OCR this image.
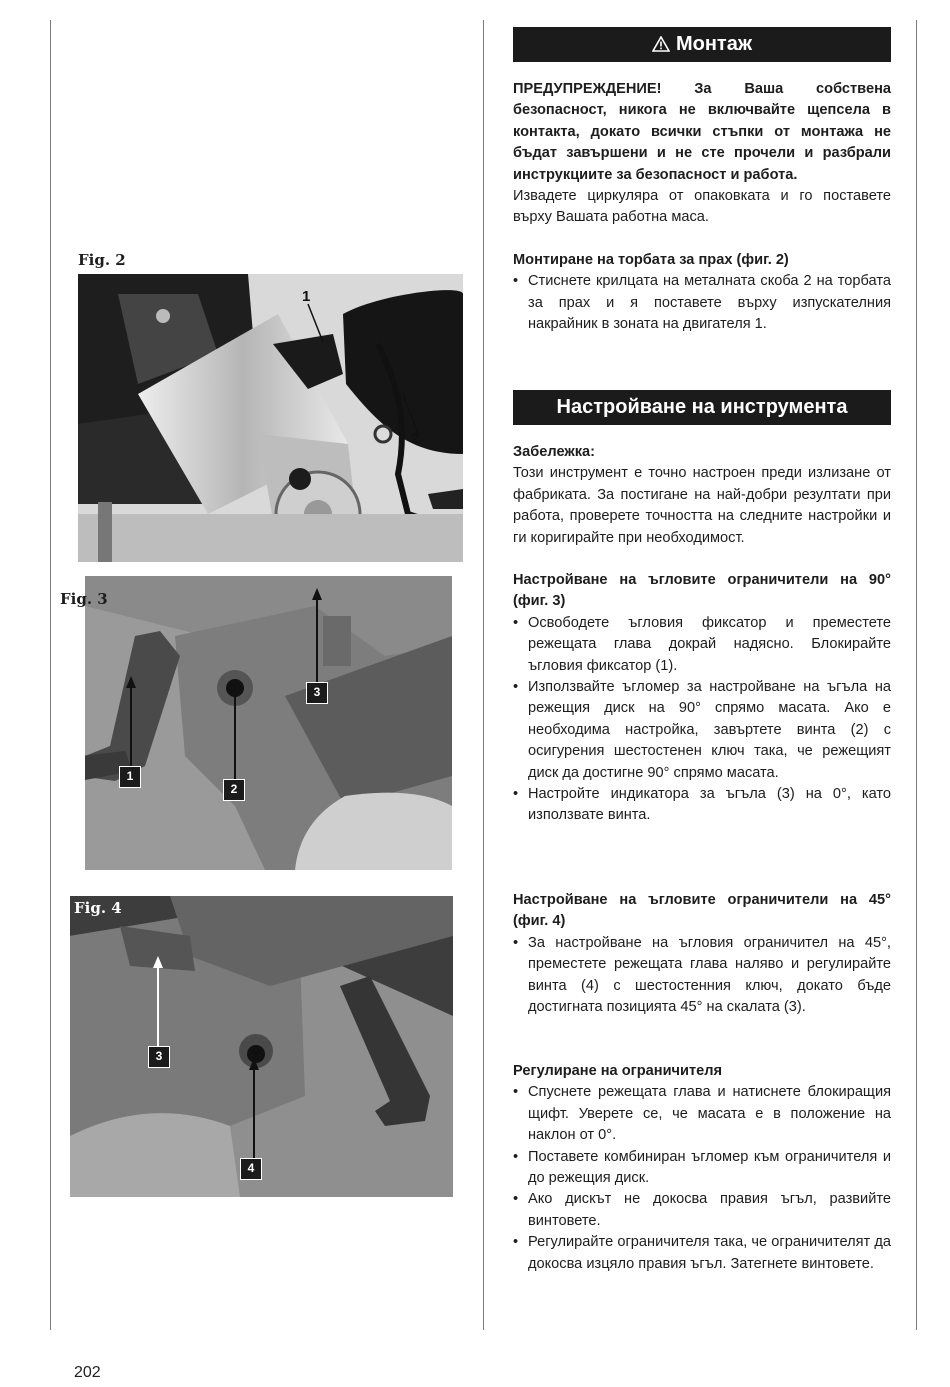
Fig. 2
1
2
1
2
3
Fig. 3
3
4
Fig. 4
Монтаж

ПРЕДУПРЕЖДЕНИЕ! За Ваша собствена безопасност, никога не включвайте щепсела в контакта, докато всички стъпки от монтажа не бъдат завършени и не сте прочели и разбрали инструкциите за безопасност и работа.

Извадете циркуляра от опаковката и го поставете върху Вашата работна маса.

Монтиране на торбата за прах (фиг. 2)

• Стиснете крилцата на металната скоба 2 на торбата за прах и я поставете върху изпускателния накрайник в зоната на двигателя 1.
Настройване на инструмента

Забележка:

Този инструмент е точно настроен преди излизане от фабриката. За постигане на най-добри резултати при работа, проверете точността на следните настройки и ги коригирайте при необходимост.

Настройване на ъгловите ограничители на 90° (фиг. 3)

• Освободете ъгловия фиксатор и преместете режещата глава докрай надясно. Блокирайте ъгловия фиксатор (1).
• Използвайте ъгломер за настройване на ъгъла на режещия диск на 90° спрямо масата. Ако е необходима настройка, завъртете винта (2) с осигурения шестостенен ключ така, че режещият диск да достигне 90° спрямо масата.
• Настройте индикатора за ъгъла (3) на 0°, като използвате винта.

Настройване на ъгловите ограничители на 45° (фиг. 4)

• За настройване на ъгловия ограничител на 45°, преместете режещата глава наляво и регулирайте винта (4) с шестостенния ключ, докато бъде достигната позицията 45° на скалата (3).

Регулиране на ограничителя

• Спуснете режещата глава и натиснете блокиращия щифт. Уверете се, че масата е в положение на наклон от 0°.
• Поставете комбиниран ъгломер към ограничителя и до режещия диск.
• Ако дискът не докосва правия ъгъл, развийте винтовете.
• Регулирайте ограничителя така, че ограничителят да докосва изцяло правия ъгъл. Затегнете винтовете.
202
